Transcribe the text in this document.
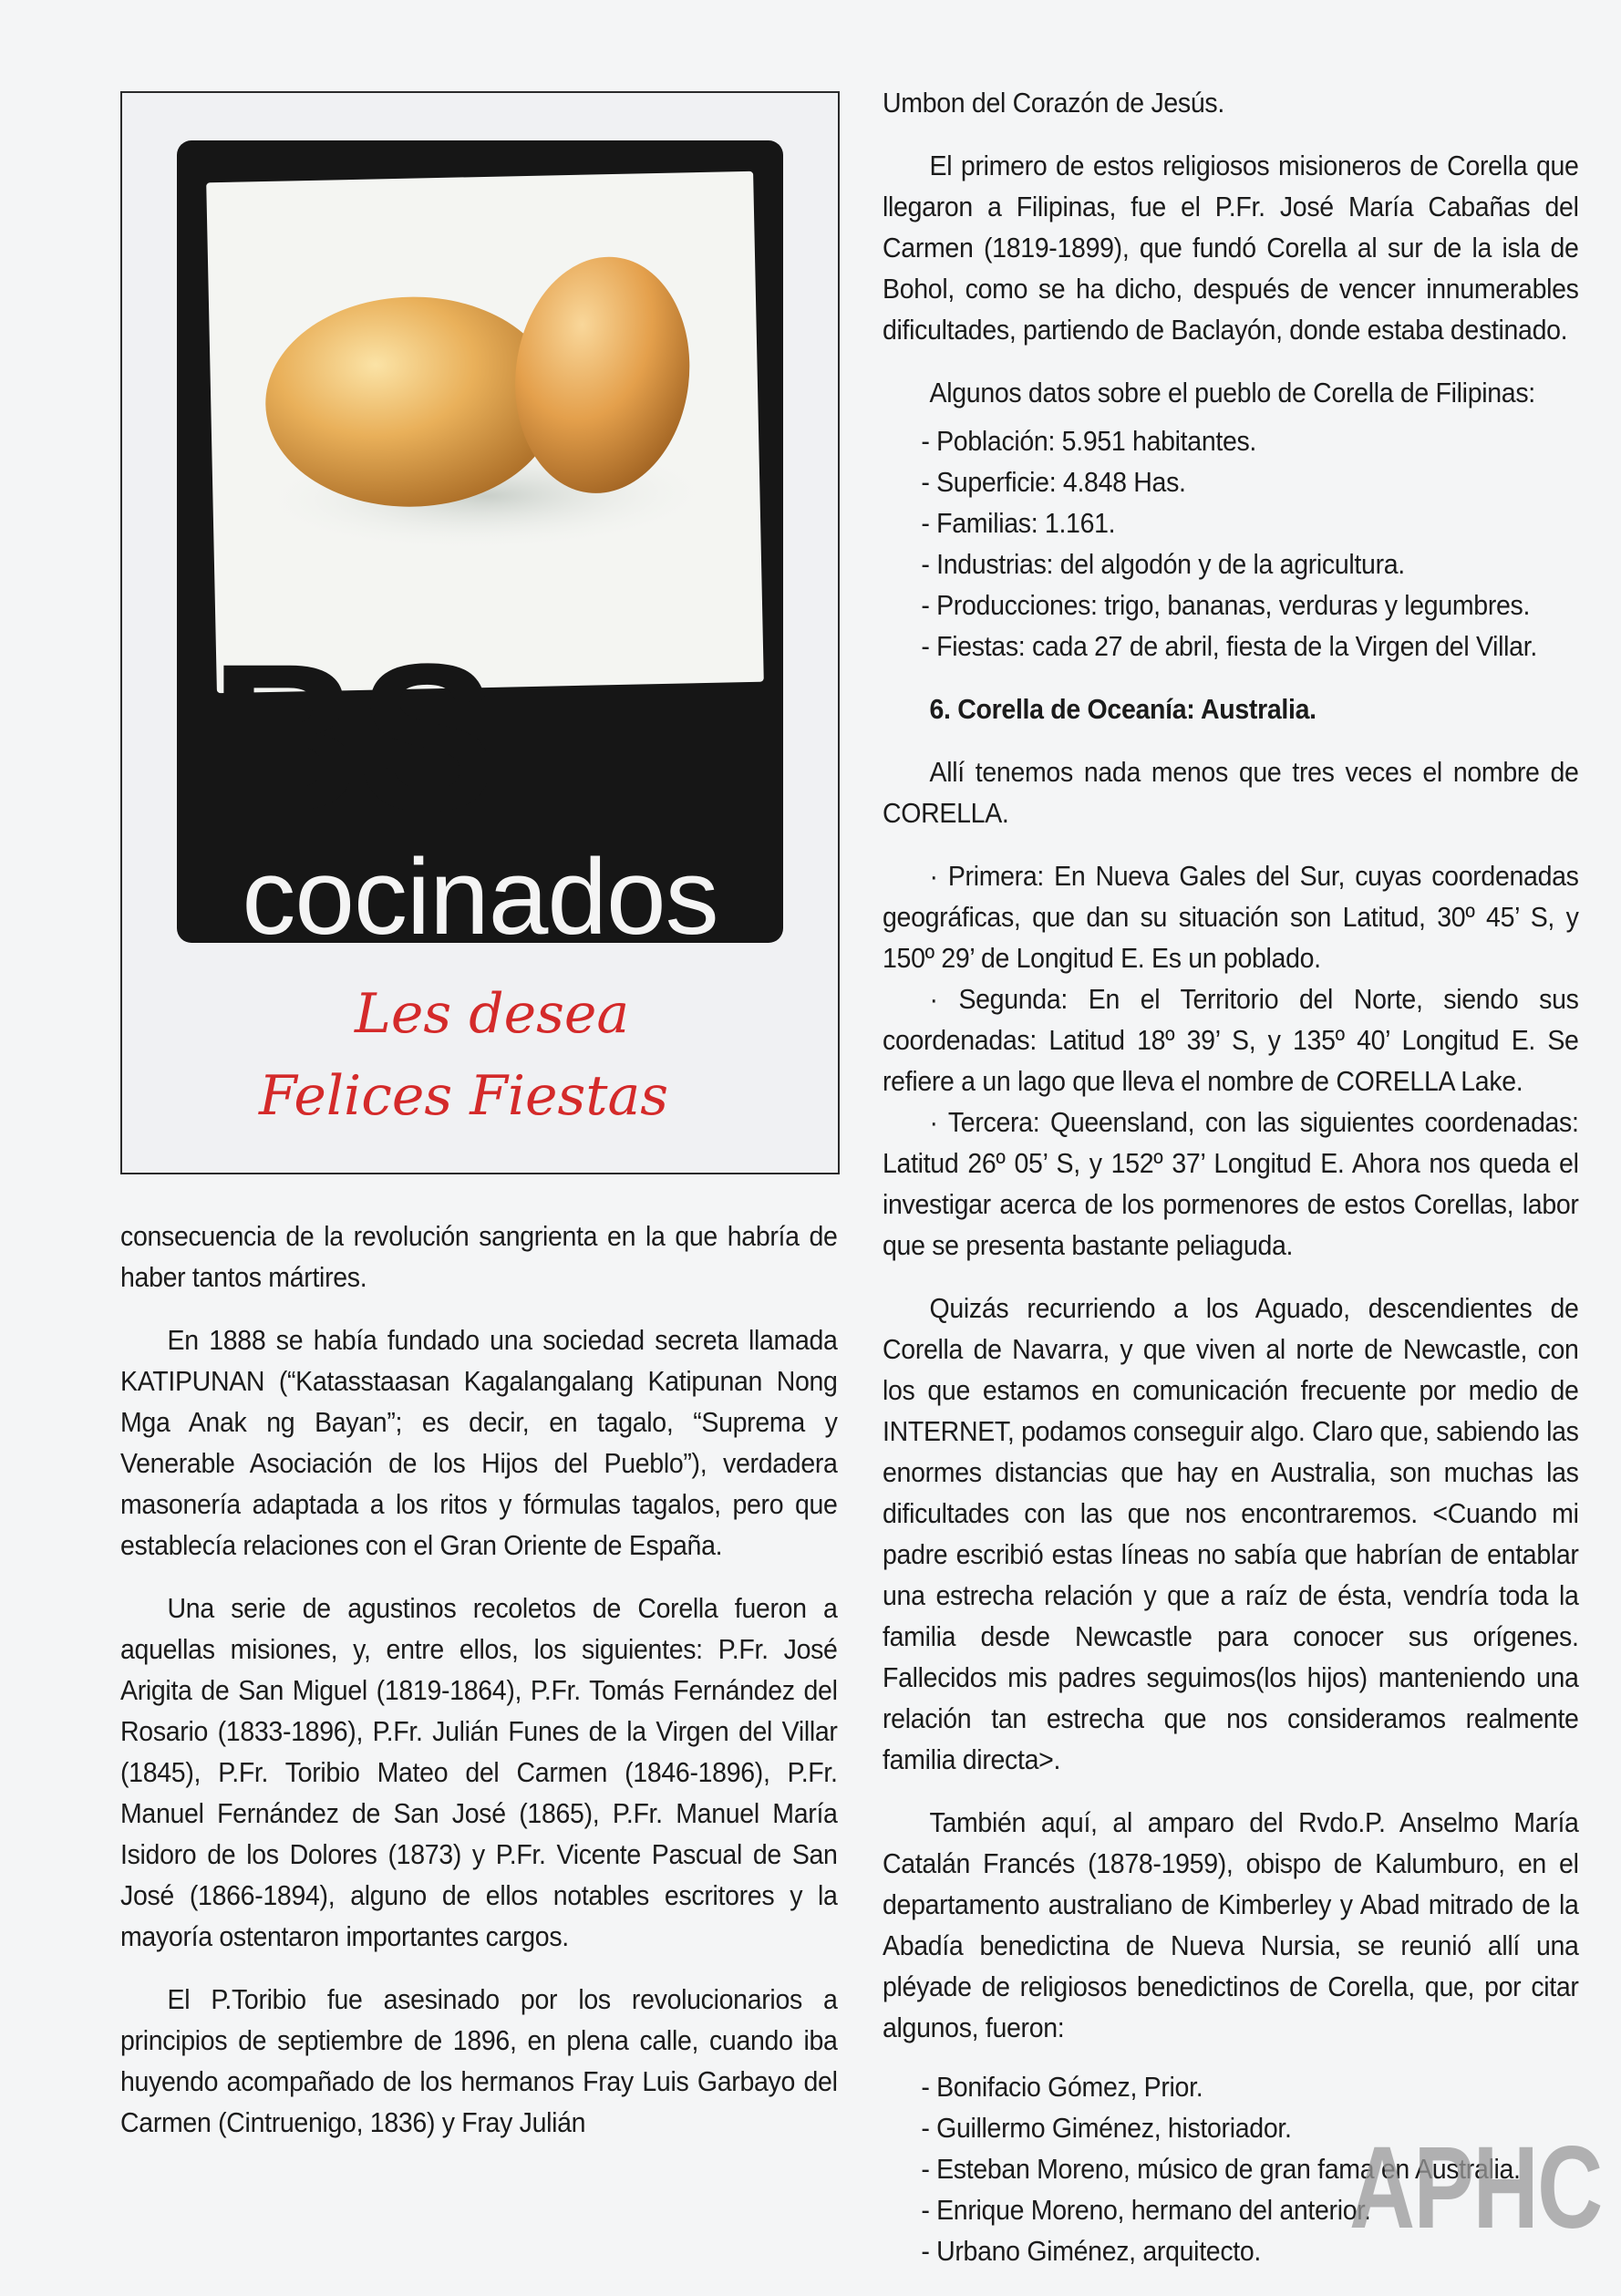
BS
cocinados
Les desea
Felices Fiestas

consecuencia de la revolución sangrienta en la que habría de haber tantos mártires.

En 1888 se había fundado una sociedad secreta llamada KATIPUNAN (“Katasstaasan Kagalangalang Katipunan Nong Mga Anak ng Bayan”; es decir, en tagalo, “Suprema y Venerable Asociación de los Hijos del Pueblo”), verdadera masonería adaptada a los ritos y fórmulas tagalos, pero que establecía relaciones con el Gran Oriente de España.

Una serie de agustinos recoletos de Corella fueron a aquellas misiones, y, entre ellos, los siguientes: P.Fr. José Arigita de San Miguel (1819-1864), P.Fr. Tomás Fernández del Rosario (1833-1896), P.Fr. Julián Funes de la Virgen del Villar (1845), P.Fr. Toribio Mateo del Carmen (1846-1896), P.Fr. Manuel Fernández de San José (1865), P.Fr. Manuel María Isidoro de los Dolores (1873) y P.Fr. Vicente Pascual de San José (1866-1894), alguno de ellos notables escritores y la mayoría ostentaron importantes cargos.

El P.Toribio fue asesinado por los revolucionarios a principios de septiembre de 1896, en plena calle, cuando iba huyendo acompañado de los hermanos Fray Luis Garbayo del Carmen (Cintruenigo, 1836) y Fray Julián

Umbon del Corazón de Jesús.

El primero de estos religiosos misioneros de Corella que llegaron a Filipinas, fue el P.Fr. José María Cabañas del Carmen (1819-1899), que fundó Corella al sur de la isla de Bohol, como se ha dicho, después de vencer innumerables dificultades, partiendo de Baclayón, donde estaba destinado.

Algunos datos sobre el pueblo de Corella de Filipinas:

- Población: 5.951 habitantes.
- Superficie: 4.848 Has.
- Familias: 1.161.
- Industrias: del algodón y de la agricultura.
- Producciones: trigo, bananas, verduras y legumbres.
- Fiestas: cada 27 de abril, fiesta de la Virgen del Villar.

6. Corella de Oceanía: Australia.

Allí tenemos nada menos que tres veces el nombre de CORELLA.

· Primera: En Nueva Gales del Sur, cuyas coordenadas geográficas, que dan su situación son Latitud, 30º 45’ S, y 150º 29’ de Longitud E. Es un poblado.

· Segunda: En el Territorio del Norte, siendo sus coordenadas: Latitud 18º 39’ S, y 135º 40’ Longitud E. Se refiere a un lago que lleva el nombre de CORELLA Lake.

· Tercera: Queensland, con las siguientes coordenadas: Latitud 26º 05’ S, y 152º 37’ Longitud E. Ahora nos queda el investigar acerca de los pormenores de estos Corellas, labor que se presenta bastante peliaguda.

Quizás recurriendo a los Aguado, descendientes de Corella de Navarra, y que viven al norte de Newcastle, con los que estamos en comunicación frecuente por medio de INTERNET, podamos conseguir algo. Claro que, sabiendo las enormes distancias que hay en Australia, son muchas las dificultades con las que nos encontraremos. <Cuando mi padre escribió estas líneas no sabía que habrían de entablar una estrecha relación y que a raíz de ésta, vendría toda la familia desde Newcastle para conocer sus orígenes. Fallecidos mis padres seguimos(los hijos) manteniendo una relación tan estrecha que nos consideramos realmente familia directa>.

También aquí, al amparo del Rvdo.P. Anselmo María Catalán Francés (1878-1959), obispo de Kalumburo, en el departamento australiano de Kimberley y Abad mitrado de la Abadía benedictina de Nueva Nursia, se reunió allí una pléyade de religiosos benedictinos de Corella, que, por citar algunos, fueron:

- Bonifacio Gómez, Prior.
- Guillermo Giménez, historiador.
- Esteban Moreno, músico de gran fama en Australia.
- Enrique Moreno, hermano del anterior.
- Urbano Giménez, arquitecto. APHC
